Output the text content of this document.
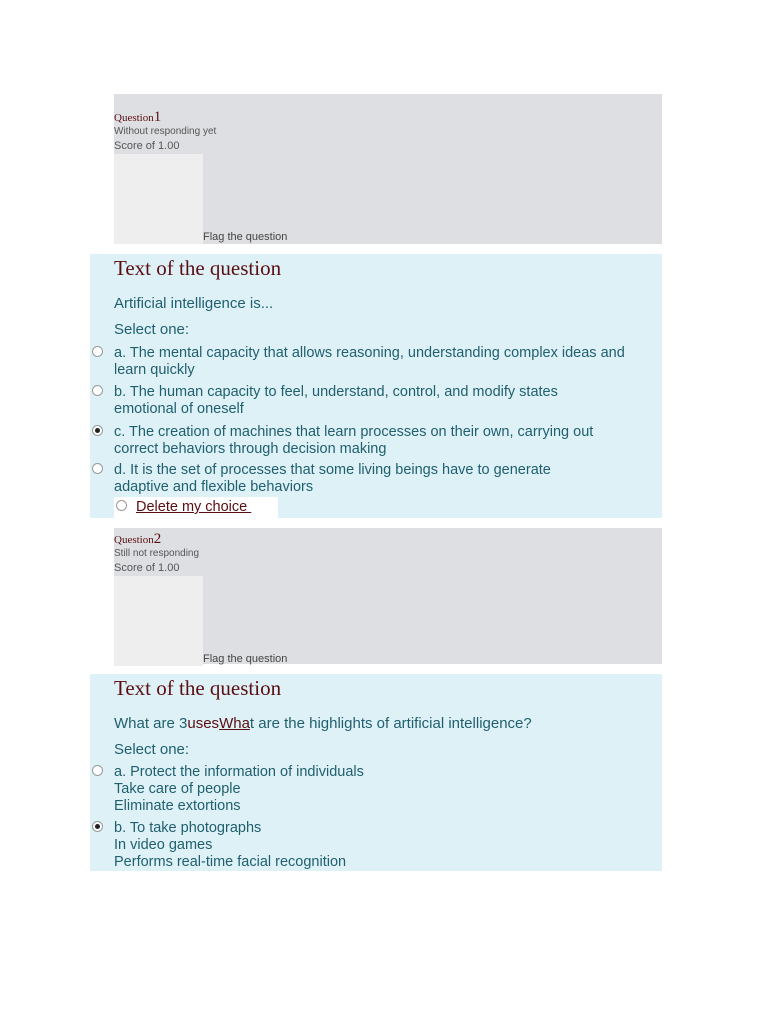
Question1
Without responding yet
Score of 1.00
Flag the question
Text of the question
Artificial intelligence is...
Select one:
a. The mental capacity that allows reasoning, understanding complex ideas and
learn quickly
b. The human capacity to feel, understand, control, and modify states
emotional of oneself
c. The creation of machines that learn processes on their own, carrying out
correct behaviors through decision making
d. It is the set of processes that some living beings have to generate
adaptive and flexible behaviors
Delete my choice
Question2
Still not responding
Score of 1.00
Flag the question
Text of the question
What are 3usesWhat are the highlights of artificial intelligence?
Select one:
a. Protect the information of individuals
Take care of people
Eliminate extortions
b. To take photographs
In video games
Performs real-time facial recognition
